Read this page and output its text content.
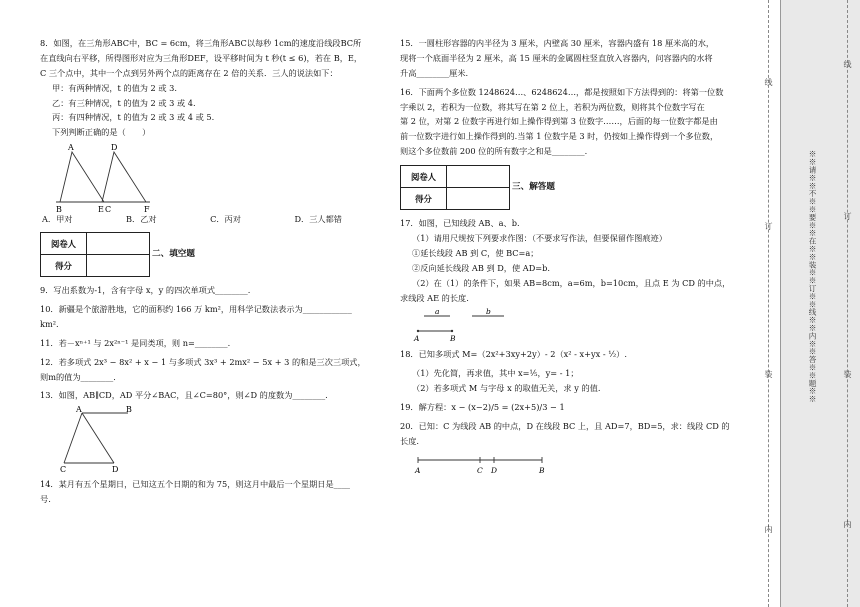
8．如图，在三角形ABC中，BC = 6cm，将三角形ABC以每秒 1cm的速度沿线段BC所

在直线向右平移，所得图形对应为三角形DEF，设平移时间为 t 秒(t ≤ 6)，若在 B，E，

C 三个点中，其中一个点到另外两个点的距离存在 2 倍的关系．三人的说法如下：

甲：有两种情况，t 的值为 2 或 3.

乙：有三种情况，t 的值为 2 或 3 或 4.

丙：有四种情况，t 的值为 2 或 3 或 4 或 5.

下列判断正确的是（　　）

A	D
B	E C	F
A．甲对	B．乙对	C．丙对	D．三人都错
阅卷人	
得分	
二、填空题

9．写出系数为-1，含有字母 x，y 的四次单项式________.

10．新疆是个旅游胜地，它的面积约 166 万 km²，用科学记数法表示为____________

km².

11．若－xⁿ⁺¹ 与 2x²ⁿ⁻¹ 是同类项，则 n=________.

12．若多项式 2x³ − 8x² + x − 1 与多项式 3x³ + 2mx² − 5x + 3 的和是三次三项式，

则m的值为________．

13．如图，AB∥CD，AD 平分∠BAC，且∠C=80°，则∠D 的度数为________.

A	B
C	D

14．某月有五个星期日，已知这五个日期的和为 75，则这月中最后一个星期日是____

号.

15．一圆柱形容器的内半径为 3 厘米，内壁高 30 厘米，容器内盛有 18 厘米高的水，

现将一个底面半径为 2 厘米，高 15 厘米的金属圆柱竖直放入容器内，问容器内的水将

升高________厘米.

16．下面两个多位数 1248624…、6248624…，都是按照如下方法得到的：将第一位数

字乘以 2，若积为一位数，将其写在第 2 位上，若积为两位数，则将其个位数字写在

第 2 位，对第 2 位数字再进行如上操作得到第 3 位数字……，后面的每一位数字都是由

前一位数字进行如上操作得到的.当第 1 位数字是 3 时，仍按如上操作得到一个多位数，

则这个多位数前 200 位的所有数字之和是________.

阅卷人	
得分	
三、解答题

17．如图，已知线段 AB、a、b.

（1）请用尺规按下列要求作图：（不要求写作法，但要保留作图痕迹）

①延长线段 AB 到 C，使 BC=a；

②反向延长线段 AB 到 D，使 AD=b.

（2）在（1）的条件下，如果 AB=8cm，a=6m，b=10cm，且点 E 为 CD 的中点，

求线段 AE 的长度.

a	b
A	B

18．已知多项式 M=（2x²+3xy+2y）- 2（x² - x+yx - ½）.

（1）先化简，再求值，其中 x=⅕，y= - 1；

（2）若多项式 M 与字母 x 的取值无关，求 y 的值.

19．解方程：x − (x−2)/5 = (2x+5)/3 − 1

20．已知：C 为线段 AB 的中点，D 在线段 BC 上，且 AD=7，BD=5，求：线段 CD 的

长度.

A	C D	B
线
订
装
内
※※请※※不※※要※※在※※装※※订※※线※※内※※答※※题※※
线
订
装
内
